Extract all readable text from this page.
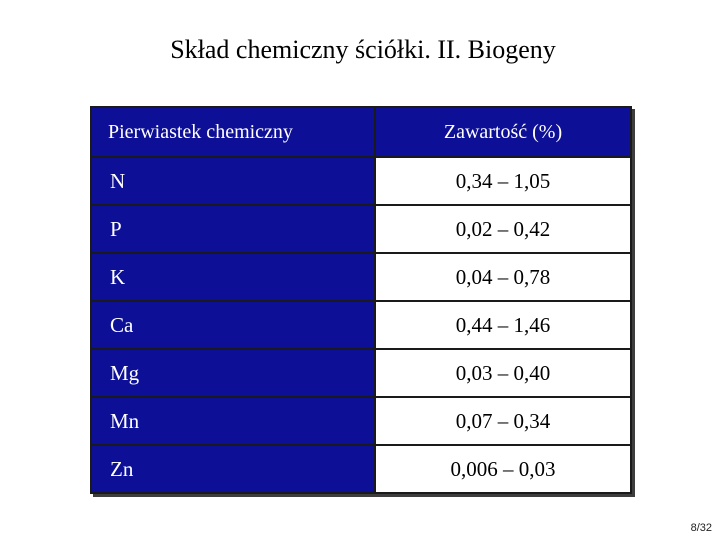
Skład chemiczny ściółki. II. Biogeny
Pierwiastek chemiczny	Zawartość (%)
N	0,34 – 1,05
P	0,02 – 0,42
K	0,04 – 0,78
Ca	0,44 – 1,46
Mg	0,03 – 0,40
Mn	0,07 – 0,34
Zn	0,006 – 0,03
8/32
